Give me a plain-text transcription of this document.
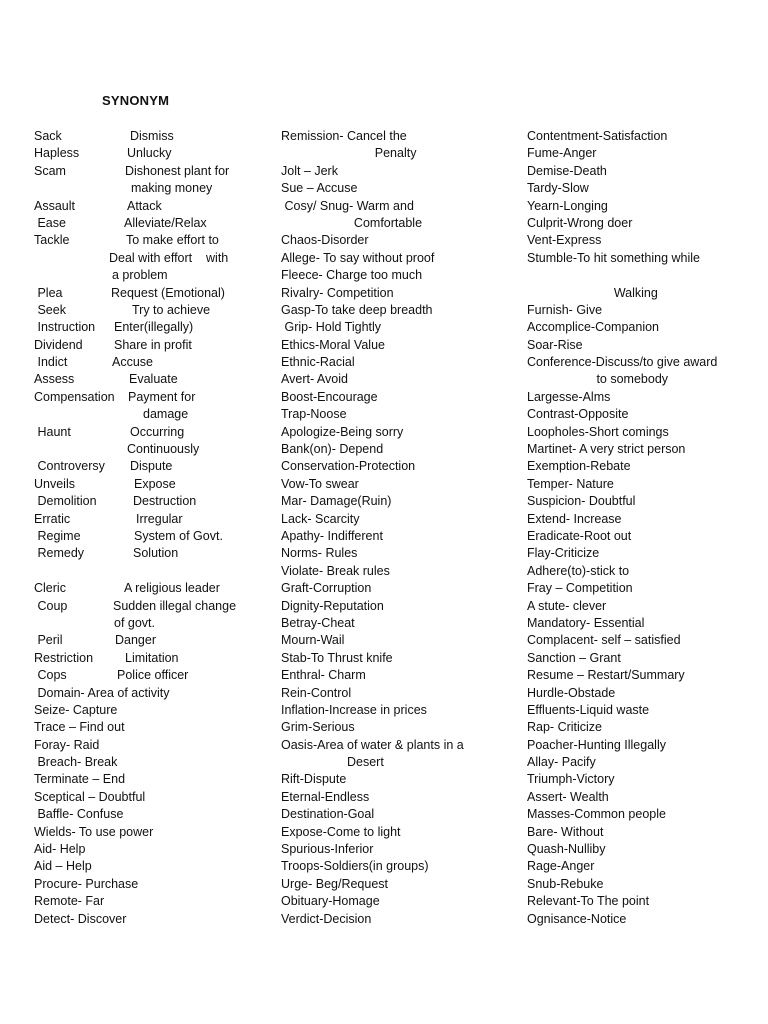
SYNONYM
Sack	Dismiss
Hapless	Unlucky
Scam	Dishonest plant for
making money
Assault	Attack
Ease	Alleviate/Relax
Tackle	To make effort to
Deal with effort    with
a problem
Plea	Request (Emotional)
Seek	Try to achieve
Instruction Enter(illegally)
Dividend	Share in profit
Indict	Accuse
Assess	Evaluate
Compensation Payment for
damage
Haunt	Occurring
Continuously
Controversy Dispute
Unveils	Expose
Demolition	Destruction
Erratic	Irregular
Regime	System of Govt.
Remedy	Solution
Cleric	A religious leader
Coup	Sudden illegal change
of govt.
Peril	Danger
Restriction	Limitation
Cops	Police officer
Domain- Area of activity
Seize- Capture
Trace – Find out
Foray- Raid
Breach- Break
Terminate – End
Sceptical – Doubtful
Baffle- Confuse
Wields- To use power
Aid- Help
Aid – Help
Procure- Purchase
Remote- Far
Detect- Discover
Remission- Cancel the
Penalty
Jolt – Jerk
Sue – Accuse
Cosy/ Snug- Warm and
Comfortable
Chaos-Disorder
Allege- To say without proof
Fleece- Charge too much
Rivalry- Competition
Gasp-To take deep breadth
Grip- Hold Tightly
Ethics-Moral Value
Ethnic-Racial
Avert- Avoid
Boost-Encourage
Trap-Noose
Apologize-Being sorry
Bank(on)- Depend
Conservation-Protection
Vow-To swear
Mar- Damage(Ruin)
Lack- Scarcity
Apathy- Indifferent
Norms- Rules
Violate- Break rules
Graft-Corruption
Dignity-Reputation
Betray-Cheat
Mourn-Wail
Stab-To Thrust knife
Enthral- Charm
Rein-Control
Inflation-Increase in prices
Grim-Serious
Oasis-Area of water & plants in a
Desert
Rift-Dispute
Eternal-Endless
Destination-Goal
Expose-Come to light
Spurious-Inferior
Troops-Soldiers(in groups)
Urge- Beg/Request
Obituary-Homage
Verdict-Decision
Contentment-Satisfaction
Fume-Anger
Demise-Death
Tardy-Slow
Yearn-Longing
Culprit-Wrong doer
Vent-Express
Stumble-To hit something while
Walking
Furnish- Give
Accomplice-Companion
Soar-Rise
Conference-Discuss/to give award
to somebody
Largesse-Alms
Contrast-Opposite
Loopholes-Short comings
Martinet- A very strict person
Exemption-Rebate
Temper- Nature
Suspicion- Doubtful
Extend- Increase
Eradicate-Root out
Flay-Criticize
Adhere(to)-stick to
Fray – Competition
A stute- clever
Mandatory- Essential
Complacent- self – satisfied
Sanction – Grant
Resume – Restart/Summary
Hurdle-Obstade
Effluents-Liquid waste
Rap- Criticize
Poacher-Hunting Illegally
Allay- Pacify
Triumph-Victory
Assert- Wealth
Masses-Common people
Bare- Without
Quash-Nulliby
Rage-Anger
Snub-Rebuke
Relevant-To The point
Ognisance-Notice
